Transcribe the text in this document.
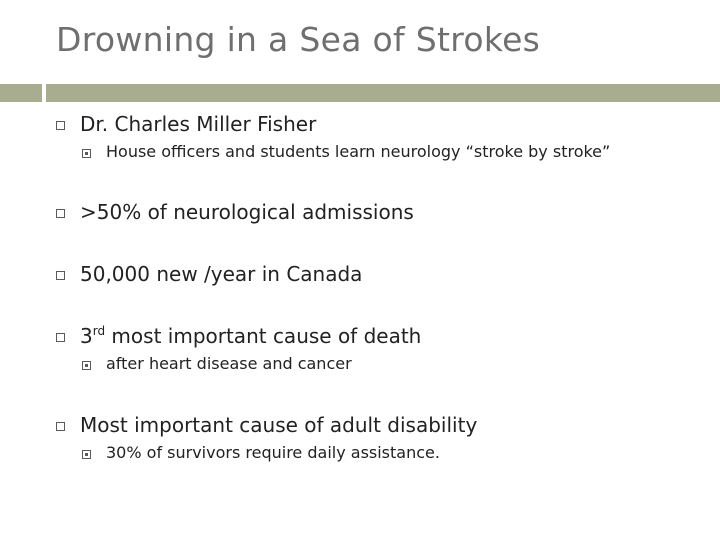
Drowning in a Sea of Strokes
Dr. Charles Miller Fisher
House officers and students learn neurology “stroke by stroke”
>50% of neurological admissions
50,000 new /year in Canada
3rd most important cause of death
after heart disease and cancer
Most important cause of adult disability
30% of survivors require daily assistance.
